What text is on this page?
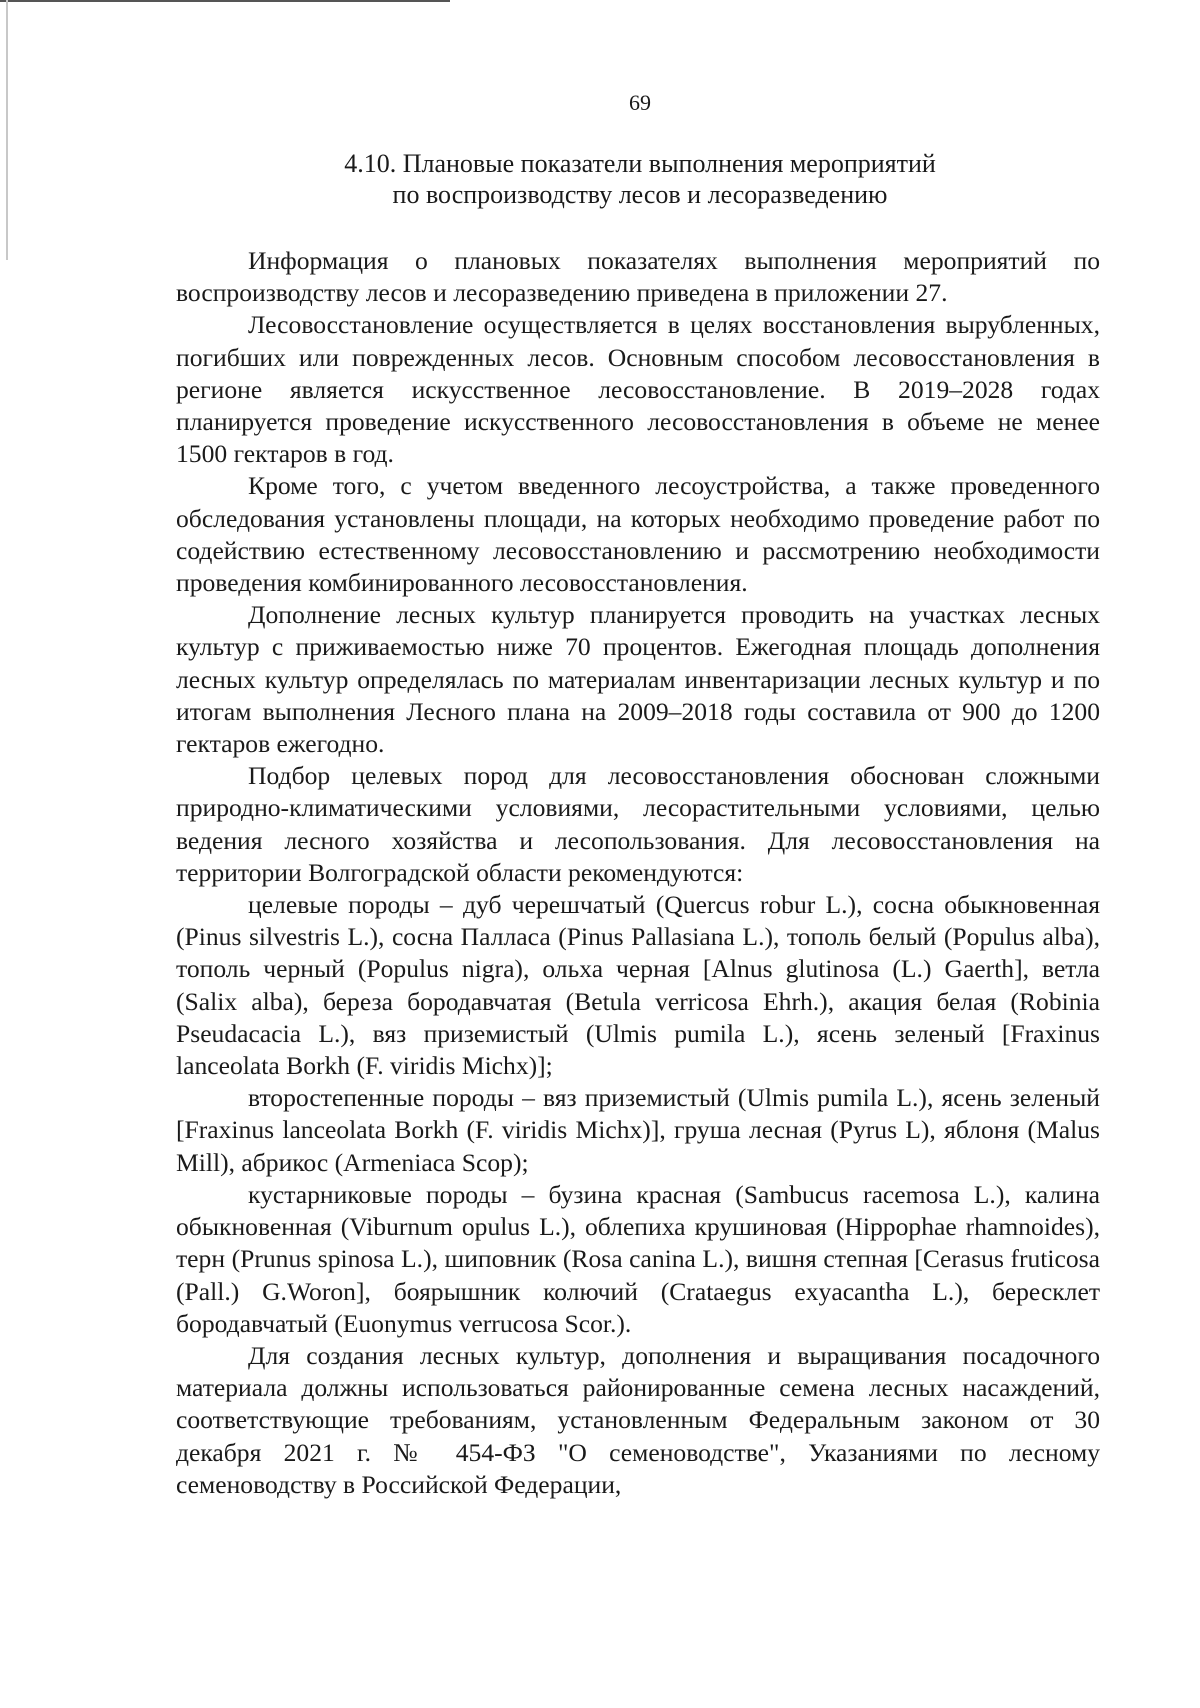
69
4.10. Плановые показатели выполнения мероприятий
по воспроизводству лесов и лесоразведению

Информация о плановых показателях выполнения мероприятий по воспроизводству лесов и лесоразведению приведена в приложении 27.

Лесовосстановление осуществляется в целях восстановления вырубленных, погибших или поврежденных лесов. Основным способом лесовосстановления в регионе является искусственное лесовосстановление. В 2019–2028 годах планируется проведение искусственного лесовосстановления в объеме не менее 1500 гектаров в год.

Кроме того, с учетом введенного лесоустройства, а также проведенного обследования установлены площади, на которых необходимо проведение работ по содействию естественному лесовосстановлению и рассмотрению необходимости проведения комбинированного лесовосстановления.

Дополнение лесных культур планируется проводить на участках лесных культур с приживаемостью ниже 70 процентов. Ежегодная площадь дополнения лесных культур определялась по материалам инвентаризации лесных культур и по итогам выполнения Лесного плана на 2009–2018 годы составила от 900 до 1200 гектаров ежегодно.

Подбор целевых пород для лесовосстановления обоснован сложными природно-климатическими условиями, лесорастительными условиями, целью ведения лесного хозяйства и лесопользования. Для лесовосстановления на территории Волгоградской области рекомендуются:

целевые породы – дуб черешчатый (Quercus robur L.), сосна обыкновенная (Pinus silvestris L.), сосна Палласа (Pinus Pallasiana L.), тополь белый (Populus alba), тополь черный (Populus nigra), ольха черная [Alnus glutinosa (L.) Gaerth], ветла (Salix alba), береза бородавчатая (Betula verricosa Ehrh.), акация белая (Robinia Pseudacacia L.), вяз приземистый (Ulmis pumila L.), ясень зеленый [Fraxinus lanceolata Borkh (F. viridis Michx)];

второстепенные породы – вяз приземистый (Ulmis pumila L.), ясень зеленый [Fraxinus lanceolata Borkh (F. viridis Michx)], груша лесная (Pyrus L), яблоня (Malus Mill), абрикос (Armeniaca Scop);

кустарниковые породы – бузина красная (Sambucus racemosa L.), калина обыкновенная (Viburnum opulus L.), облепиха крушиновая (Hippophae rhamnoides), терн (Prunus spinosa L.), шиповник (Rosa canina L.), вишня степная [Cerasus fruticosa (Pall.) G.Woron], боярышник колючий (Crataegus exyacantha L.), бересклет бородавчатый (Euonymus verrucosa Scor.).

Для создания лесных культур, дополнения и выращивания посадочного материала должны использоваться районированные семена лесных насаждений, соответствующие требованиям, установленным Федеральным законом от 30 декабря 2021 г. № 454-ФЗ "О семеноводстве", Указаниями по лесному семеноводству в Российской Федерации,
